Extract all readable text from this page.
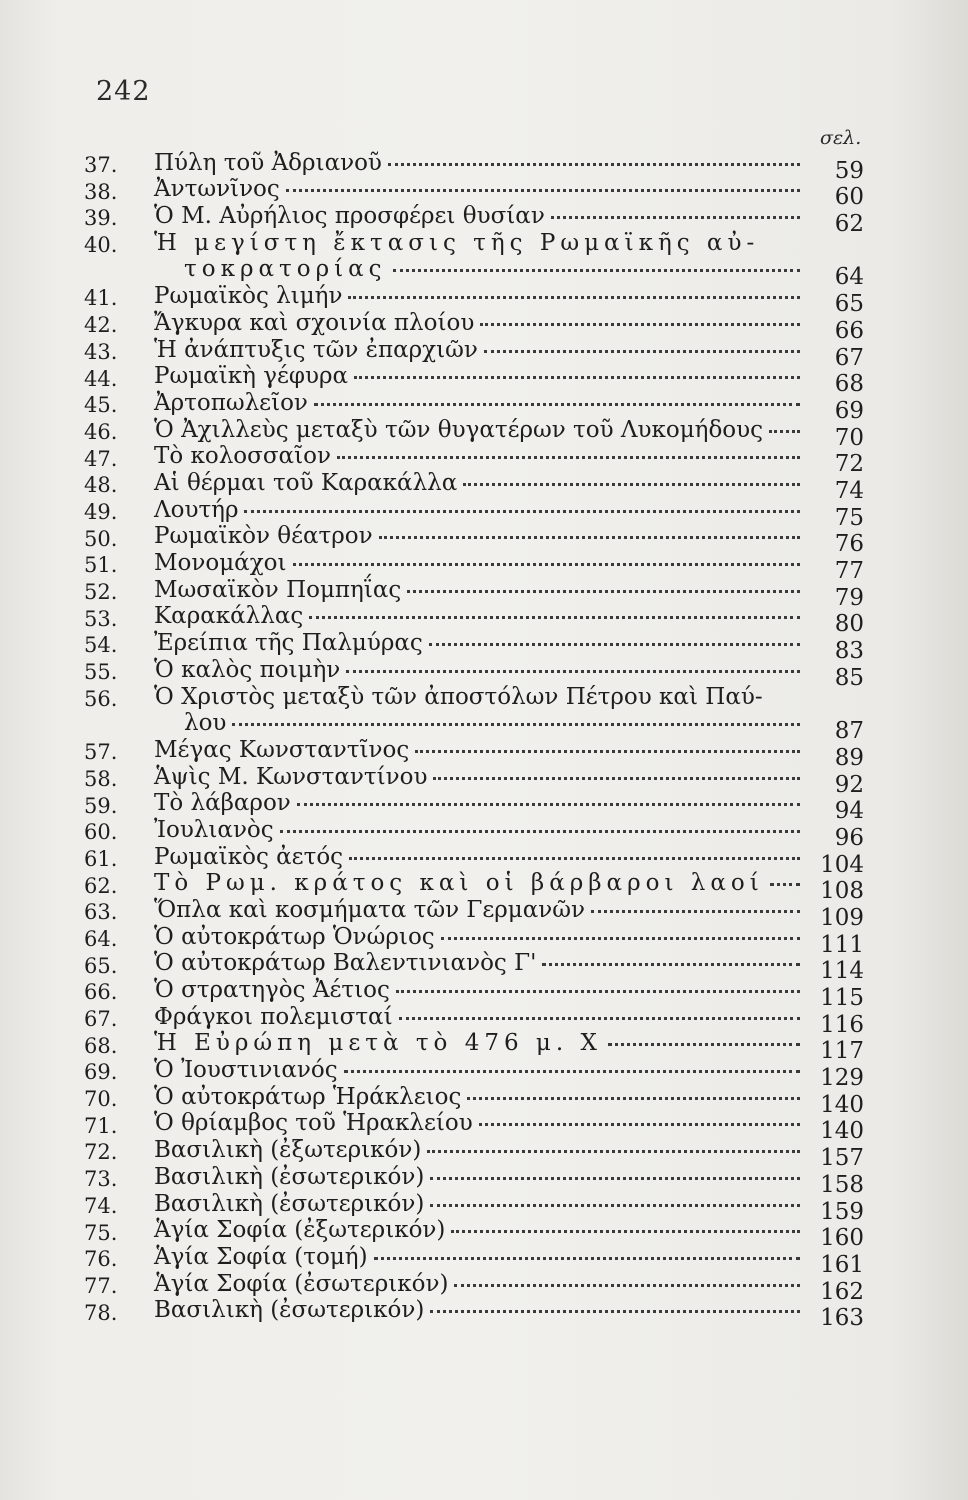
242
σελ.
37.	Πύλη τοῦ Ἀδριανοῦ	59
38.	Ἀντωνῖνος	60
39.	Ὁ Μ. Αὐρήλιος προσφέρει θυσίαν	62
40.	Ἡ μεγίστη ἔκτασις τῆς Ρωμαϊκῆς αὐ-
τοκρατορίας	64
41.	Ρωμαϊκὸς λιμήν	65
42.	Ἄγκυρα καὶ σχοινία πλοίου	66
43.	Ἡ ἀνάπτυξις τῶν ἐπαρχιῶν	67
44.	Ρωμαϊκὴ γέφυρα	68
45.	Ἀρτοπωλεῖον	69
46.	Ὁ Ἀχιλλεὺς μεταξὺ τῶν θυγατέρων τοῦ Λυκομήδους	70
47.	Τὸ κολοσσαῖον	72
48.	Αἱ θέρμαι τοῦ Καρακάλλα	74
49.	Λουτήρ	75
50.	Ρωμαϊκὸν θέατρον	76
51.	Μονομάχοι	77
52.	Μωσαϊκὸν Πομπηΐας	79
53.	Καρακάλλας	80
54.	Ἐρείπια τῆς Παλμύρας	83
55.	Ὁ καλὸς ποιμὴν	85
56.	Ὁ Χριστὸς μεταξὺ τῶν ἀποστόλων Πέτρου καὶ Παύ-
λου	87
57.	Μέγας Κωνσταντῖνος	89
58.	Ἁψὶς Μ. Κωνσταντίνου	92
59.	Τὸ λάβαρον	94
60.	Ἰουλιανὸς	96
61.	Ρωμαϊκὸς ἀετός	104
62.	Τὸ Ρωμ. κράτος καὶ οἱ βάρβαροι λαοί	108
63.	Ὅπλα καὶ κοσμήματα τῶν Γερμανῶν	109
64.	Ὁ αὐτοκράτωρ Ὁνώριος	111
65.	Ὁ αὐτοκράτωρ Βαλεντινιανὸς Γ'	114
66.	Ὁ στρατηγὸς Ἀέτιος	115
67.	Φράγκοι πολεμισταί	116
68.	Ἡ Εὐρώπη μετὰ τὸ 476 μ. Χ	117
69.	Ὁ Ἰουστινιανός	129
70.	Ὁ αὐτοκράτωρ Ἡράκλειος	140
71.	Ὁ θρίαμβος τοῦ Ἡρακλείου	140
72.	Βασιλικὴ (ἐξωτερικόν)	157
73.	Βασιλικὴ (ἐσωτερικόν)	158
74.	Βασιλικὴ (ἐσωτερικόν)	159
75.	Ἁγία Σοφία (ἐξωτερικόν)	160
76.	Ἁγία Σοφία (τομή)	161
77.	Ἁγία Σοφία (ἐσωτερικόν)	162
78.	Βασιλικὴ (ἐσωτερικόν)	163
